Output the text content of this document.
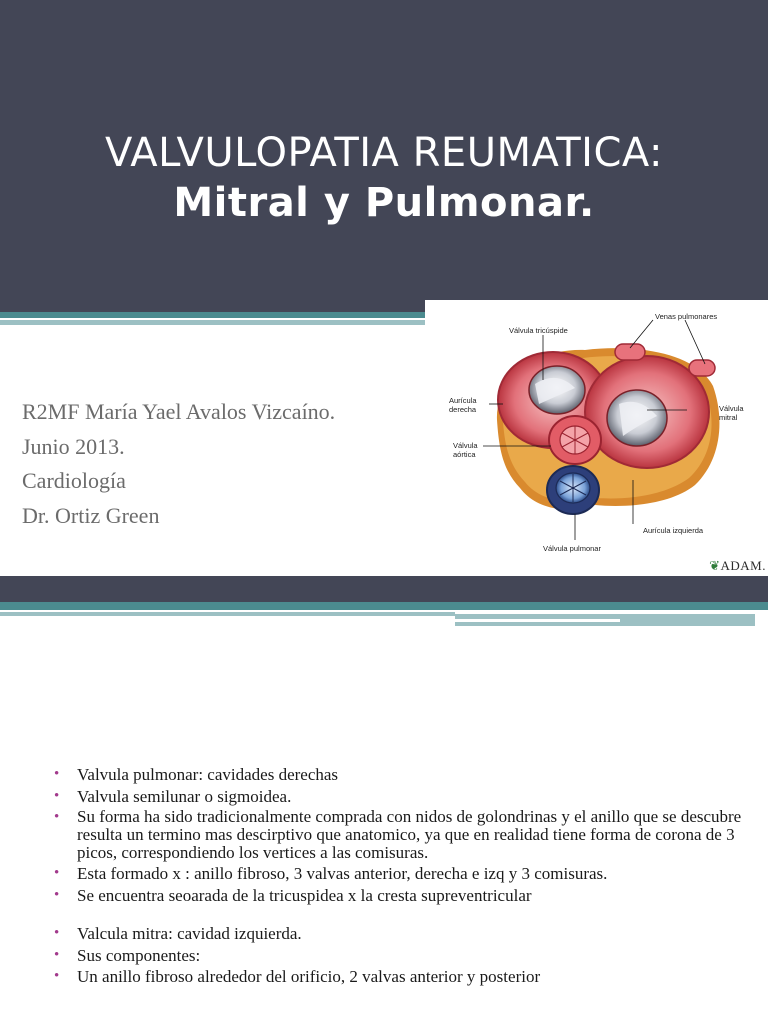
VALVULOPATIA REUMATICA:
Mitral y Pulmonar.
R2MF María Yael Avalos Vizcaíno.
Junio 2013.
Cardiología
Dr. Ortiz Green
Válvula tricúspide
Venas pulmonares
Aurícula
derecha	Válvula
mitral
Válvula
aórtica
Aurícula izquierda
Válvula pulmonar
❦ADAM.
• Valvula pulmonar: cavidades derechas
• Valvula semilunar o sigmoidea.
• Su forma ha sido tradicionalmente comprada con nidos de golondrinas y el anillo que se descubre resulta un termino mas descirptivo que anatomico, ya que en realidad tiene forma de corona de 3 picos, correspondiendo los vertices a las comisuras.
• Esta formado x : anillo fibroso, 3 valvas anterior, derecha e izq y 3 comisuras.
• Se encuentra seoarada de la tricuspidea x la cresta supreventricular
• Valcula mitra: cavidad izquierda.
• Sus componentes:
• Un anillo fibroso alrededor del orificio, 2 valvas anterior y posterior
